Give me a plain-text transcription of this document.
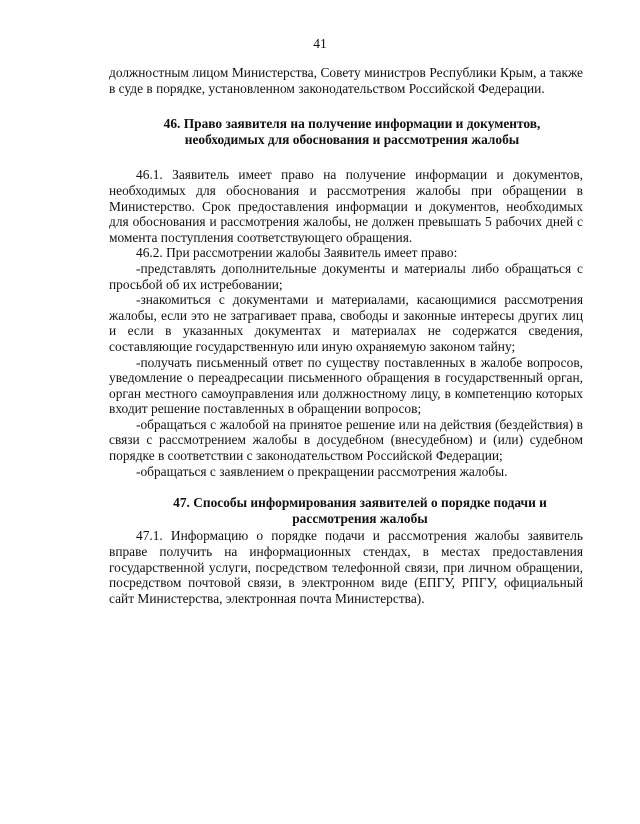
41

должностным лицом Министерства, Совету министров Республики Крым, а также в суде в порядке, установленном законодательством Российской Федерации.

46. Право заявителя на получение информации и документов,
необходимых для обоснования и рассмотрения жалобы

46.1. Заявитель имеет право на получение информации и документов, необходимых для обоснования и рассмотрения жалобы при обращении в Министерство. Срок предоставления информации и документов, необходимых для обоснования и рассмотрения жалобы, не должен превышать 5 рабочих дней с момента поступления соответствующего обращения.

46.2. При рассмотрении жалобы Заявитель имеет право:

-представлять дополнительные документы и материалы либо обращаться с просьбой об их истребовании;

-знакомиться с документами и материалами, касающимися рассмотрения жалобы, если это не затрагивает права, свободы и законные интересы других лиц и если в указанных документах и материалах не содержатся сведения, составляющие государственную или иную охраняемую законом тайну;

-получать письменный ответ по существу поставленных в жалобе вопросов, уведомление о переадресации письменного обращения в государственный орган, орган местного самоуправления или должностному лицу, в компетенцию которых входит решение поставленных в обращении вопросов;

-обращаться с жалобой на принятое решение или на действия (бездействия) в связи с рассмотрением жалобы в досудебном (внесудебном) и (или) судебном порядке в соответствии с законодательством Российской Федерации;

-обращаться с заявлением о прекращении рассмотрения жалобы.

47. Способы информирования заявителей о порядке подачи и
рассмотрения жалобы

47.1. Информацию о порядке подачи и рассмотрения жалобы заявитель вправе получить на информационных стендах, в местах предоставления государственной услуги, посредством телефонной связи, при личном обращении, посредством почтовой связи, в электронном виде (ЕПГУ, РПГУ, официальный сайт Министерства, электронная почта Министерства).
